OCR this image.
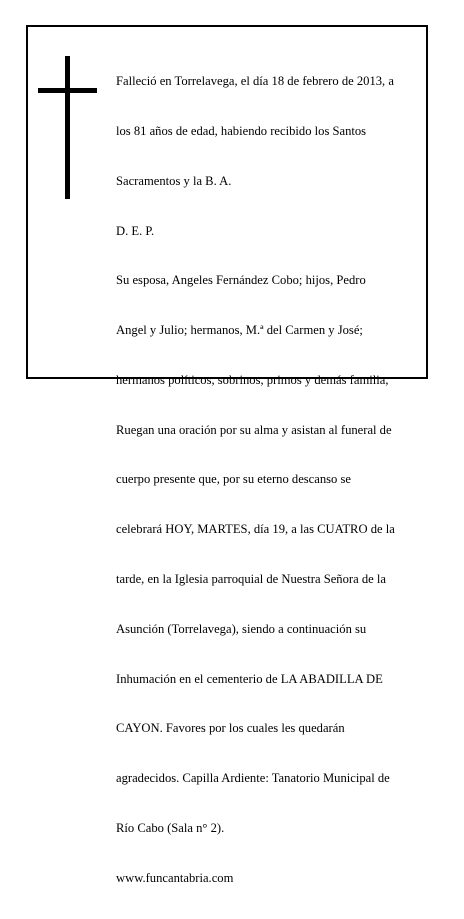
Falleció en Torrelavega, el día 18 de febrero de 2013, a

los 81 años de edad, habiendo recibido los Santos

Sacramentos y la B. A.

D. E. P.

Su esposa, Angeles Fernández Cobo; hijos, Pedro

Angel y Julio; hermanos, M.ª del Carmen y José;

hermanos políticos, sobrinos, primos y demás familia,

Ruegan una oración por su alma y asistan al funeral de

cuerpo presente que, por su eterno descanso se

celebrará HOY, MARTES, día 19, a las CUATRO de la

tarde, en la Iglesia parroquial de Nuestra Señora de la

Asunción (Torrelavega), siendo a continuación su

Inhumación en el cementerio de LA ABADILLA DE

CAYON. Favores por los cuales les quedarán

agradecidos. Capilla Ardiente: Tanatorio Municipal de

Río Cabo (Sala n° 2).

www.funcantabria.com
